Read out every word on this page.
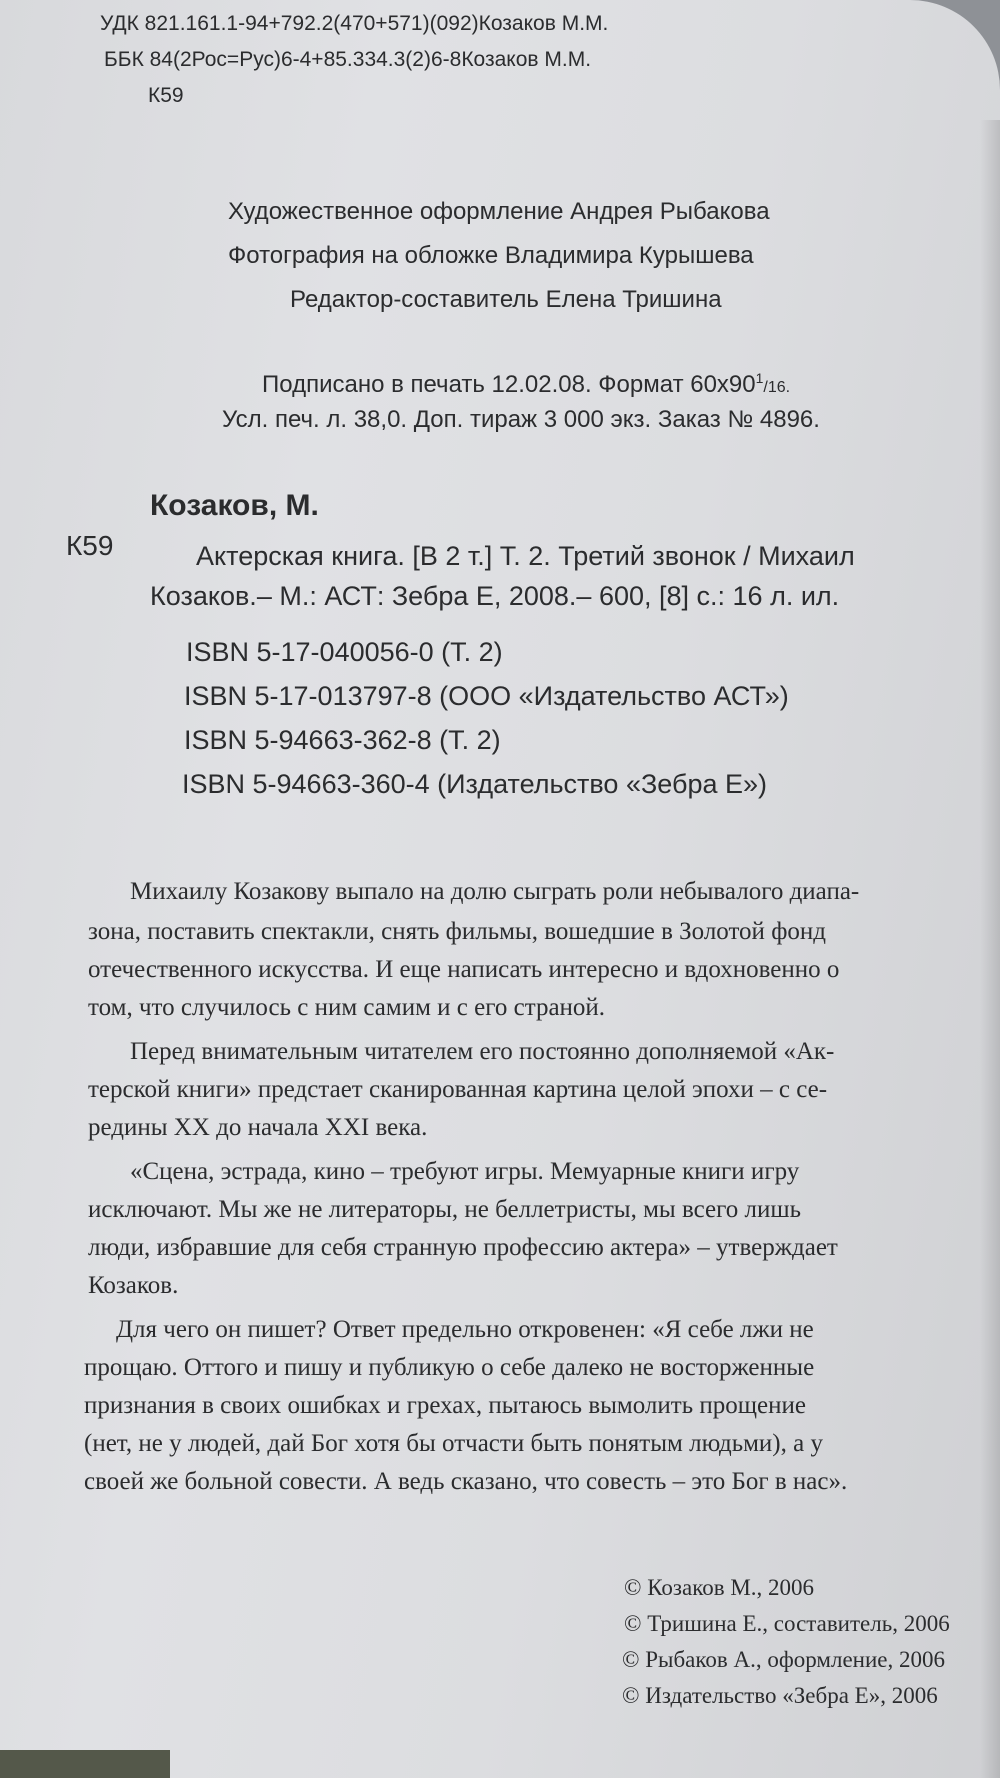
УДК 821.161.1-94+792.2(470+571)(092)Козаков М.М.
ББК 84(2Рос=Рус)6-4+85.334.3(2)6-8Козаков М.М.
К59
Художественное оформление Андрея Рыбакова
Фотография на обложке Владимира Курышева
Редактор-составитель Елена Тришина
Подписано в печать 12.02.08. Формат $60x90^1/16$.
Усл. печ. л. 38,0. Доп. тираж 3 000 экз. Заказ № 4896.
Козаков, М.
К59	Актерская книга. [В 2 т.] Т. 2. Третий звонок / Михаил
Козаков.– М.: АСТ: Зебра Е, 2008.– 600, [8] с.: 16 л. ил.
ISBN 5-17-040056-0 (Т. 2)
ISBN 5-17-013797-8 (ООО «Издательство АСТ»)
ISBN 5-94663-362-8 (Т. 2)
ISBN 5-94663-360-4 (Издательство «Зебра Е»)
Михаилу Козакову выпало на долю сыграть роли небывалого диапа-
зона, поставить спектакли, снять фильмы, вошедшие в Золотой фонд
отечественного искусства. И еще написать интересно и вдохновенно о
том, что случилось с ним самим и с его страной.
Перед внимательным читателем его постоянно дополняемой «Ак-
терской книги» предстает сканированная картина целой эпохи – с се-
редины XX до начала XXI века.
«Сцена, эстрада, кино – требуют игры. Мемуарные книги игру
исключают. Мы же не литераторы, не беллетристы, мы всего лишь
люди, избравшие для себя странную профессию актера» – утверждает
Козаков.
Для чего он пишет? Ответ предельно откровенен: «Я себе лжи не
прощаю. Оттого и пишу и публикую о себе далеко не восторженные
признания в своих ошибках и грехах, пытаюсь вымолить прощение
(нет, не у людей, дай Бог хотя бы отчасти быть понятым людьми), а у
своей же больной совести. А ведь сказано, что совесть – это Бог в нас».
© Козаков М., 2006
© Тришина Е., составитель, 2006
© Рыбаков А., оформление, 2006
© Издательство «Зебра Е», 2006
